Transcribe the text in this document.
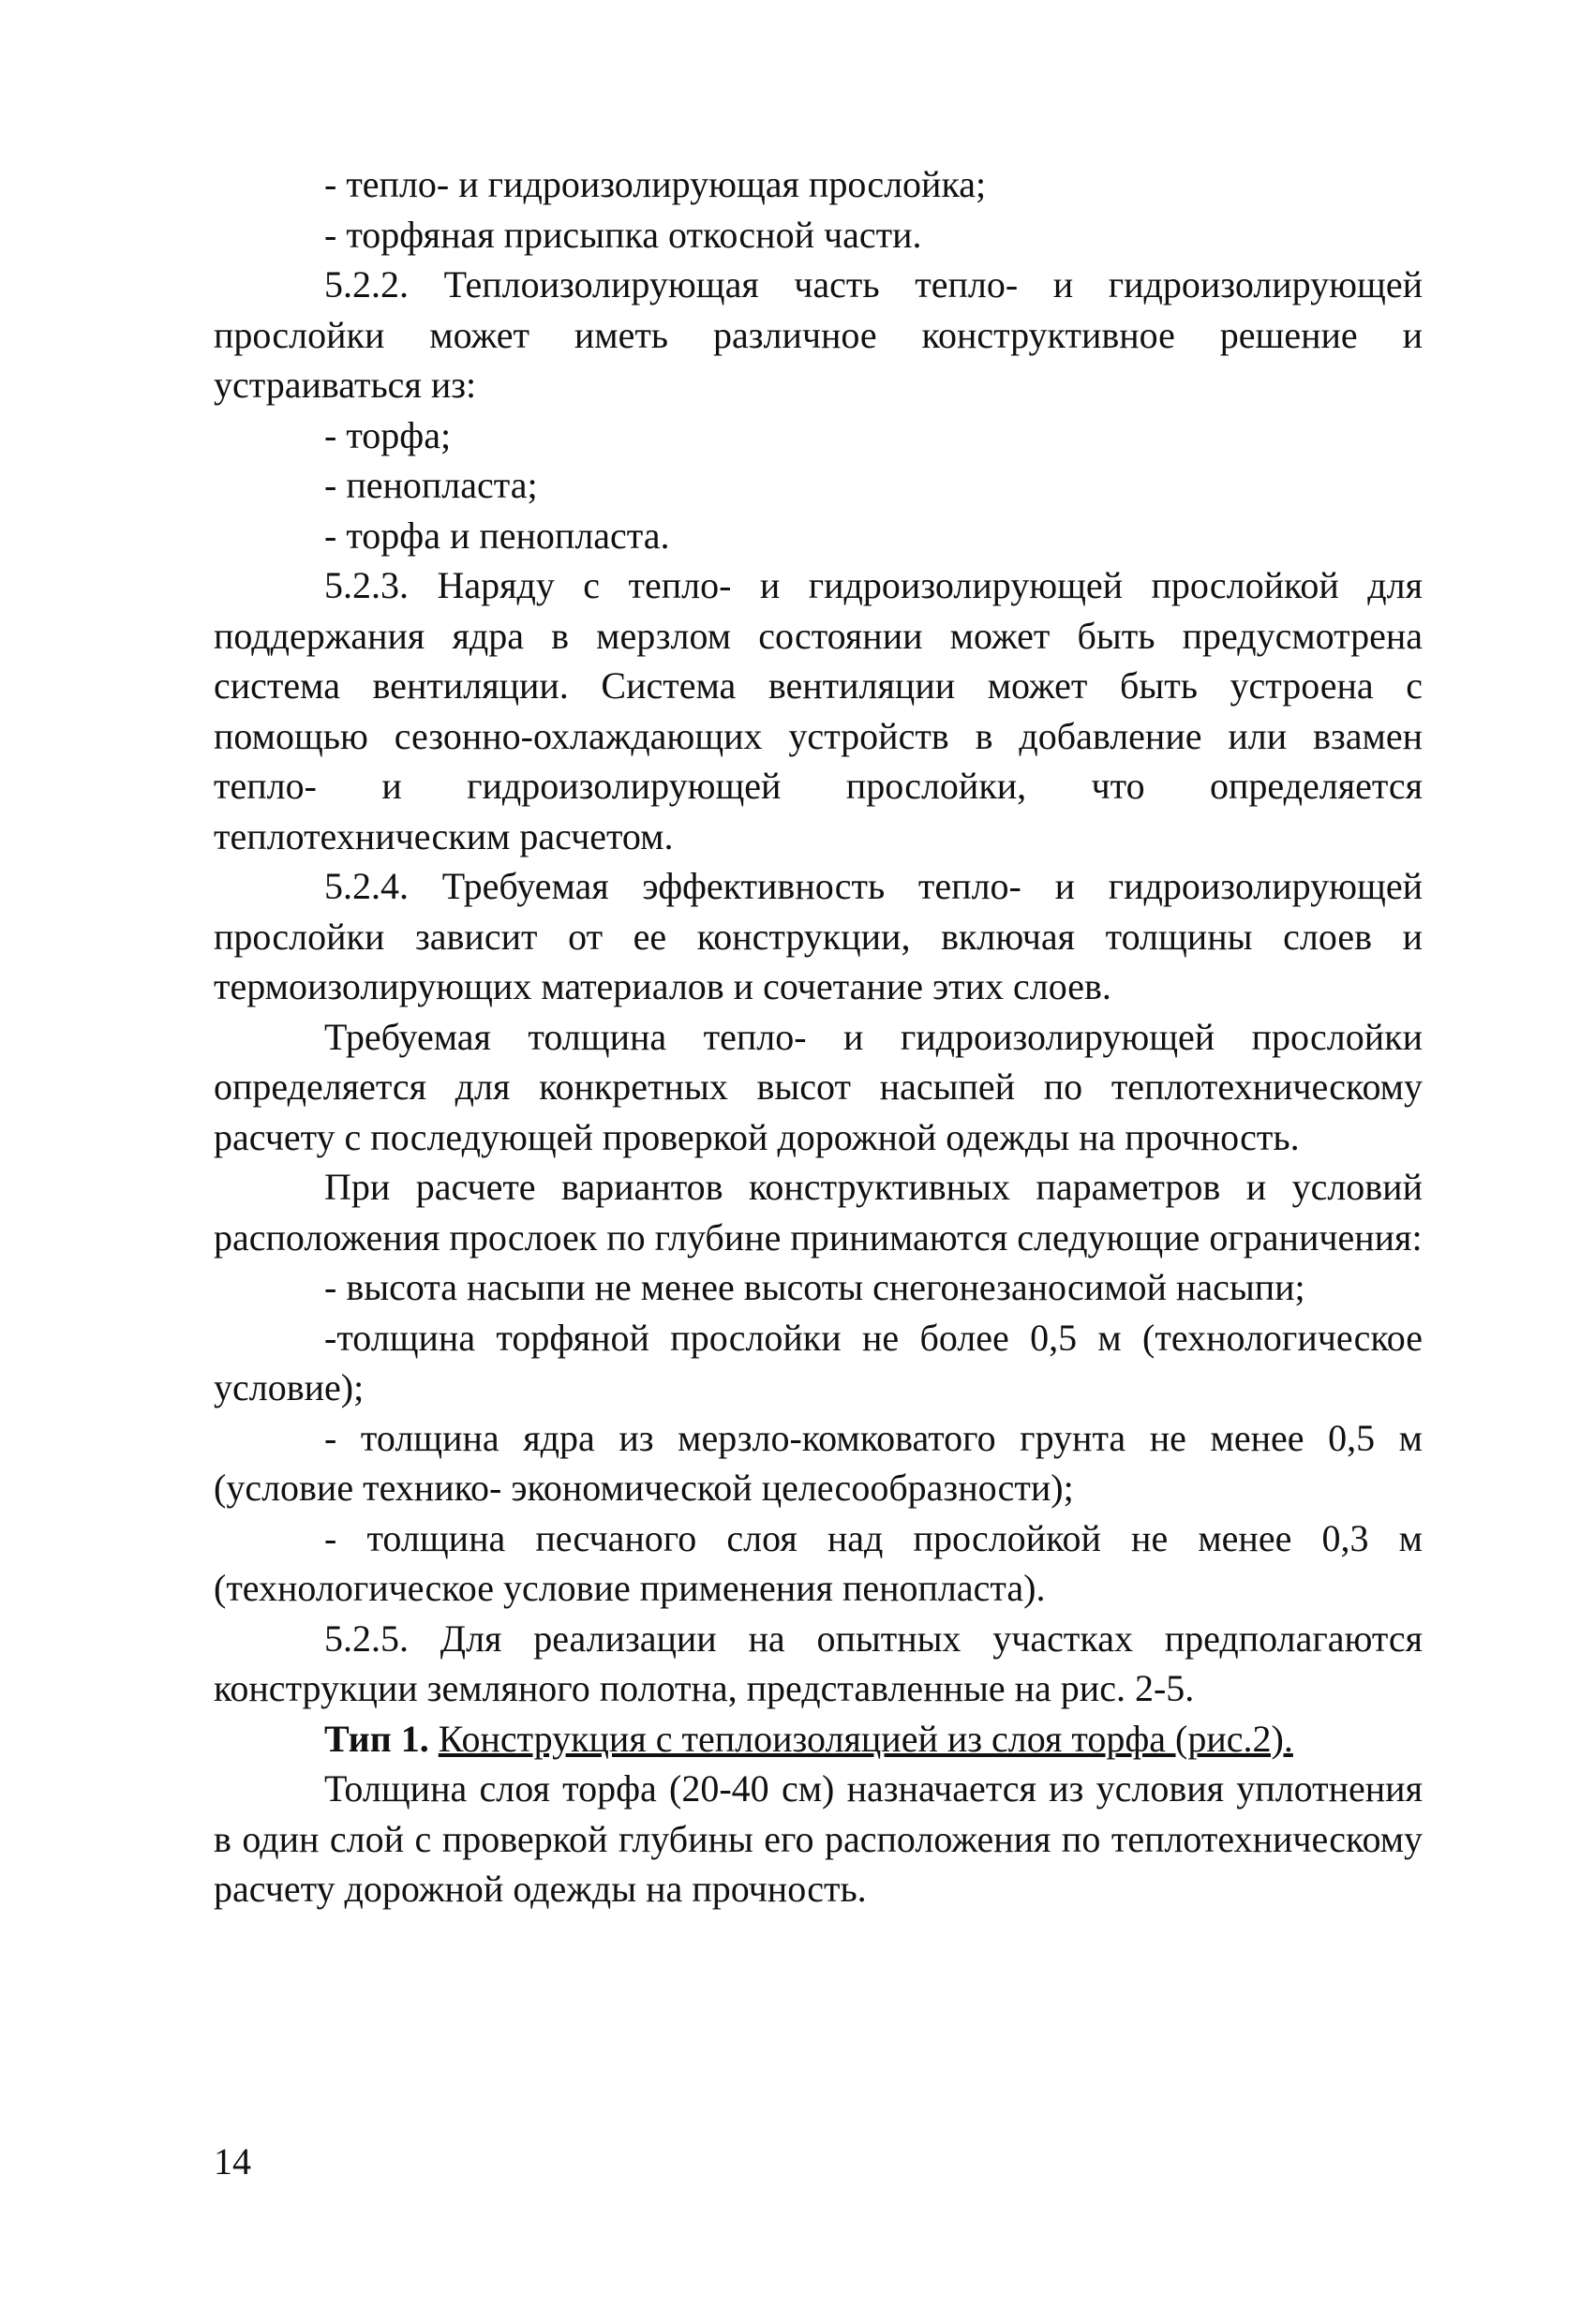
- тепло- и гидроизолирующая прослойка;

- торфяная присыпка откосной части.

5.2.2. Теплоизолирующая часть тепло- и гидроизолирующей прослойки может иметь различное конструктивное решение и устраиваться из:

- торфа;

- пенопласта;

- торфа и пенопласта.

5.2.3. Наряду с тепло- и гидроизолирующей прослойкой для поддержания ядра в мерзлом состоянии может быть предусмотрена система вентиляции. Система вентиляции может быть устроена с помощью сезонно-охлаждающих устройств в добавление или взамен тепло- и гидроизолирующей прослойки, что определяется теплотехническим расчетом.

5.2.4. Требуемая эффективность тепло- и гидроизолирующей прослойки зависит от ее конструкции, включая толщины слоев и термоизолирующих материалов и сочетание этих слоев.

Требуемая толщина тепло- и гидроизолирующей прослойки определяется для конкретных высот насыпей по теплотехническому расчету с последующей проверкой дорожной одежды на прочность.

При расчете вариантов конструктивных параметров и условий расположения прослоек по глубине принимаются следующие ограничения:

- высота насыпи не менее высоты снегонезаносимой насыпи;

-толщина торфяной прослойки не более 0,5 м (технологическое условие);

- толщина ядра из мерзло-комковатого грунта не менее 0,5 м (условие технико- экономической целесообразности);

- толщина песчаного слоя над прослойкой не менее 0,3 м (технологическое условие применения пенопласта).

5.2.5. Для реализации на опытных участках предполагаются конструкции земляного полотна, представленные на рис. 2-5.

Тип 1. Конструкция с теплоизоляцией из слоя торфа (рис.2).

Толщина слоя торфа (20-40 см) назначается из условия уплотнения в один слой с проверкой глубины его расположения по теплотехническому расчету дорожной одежды на прочность.

14
